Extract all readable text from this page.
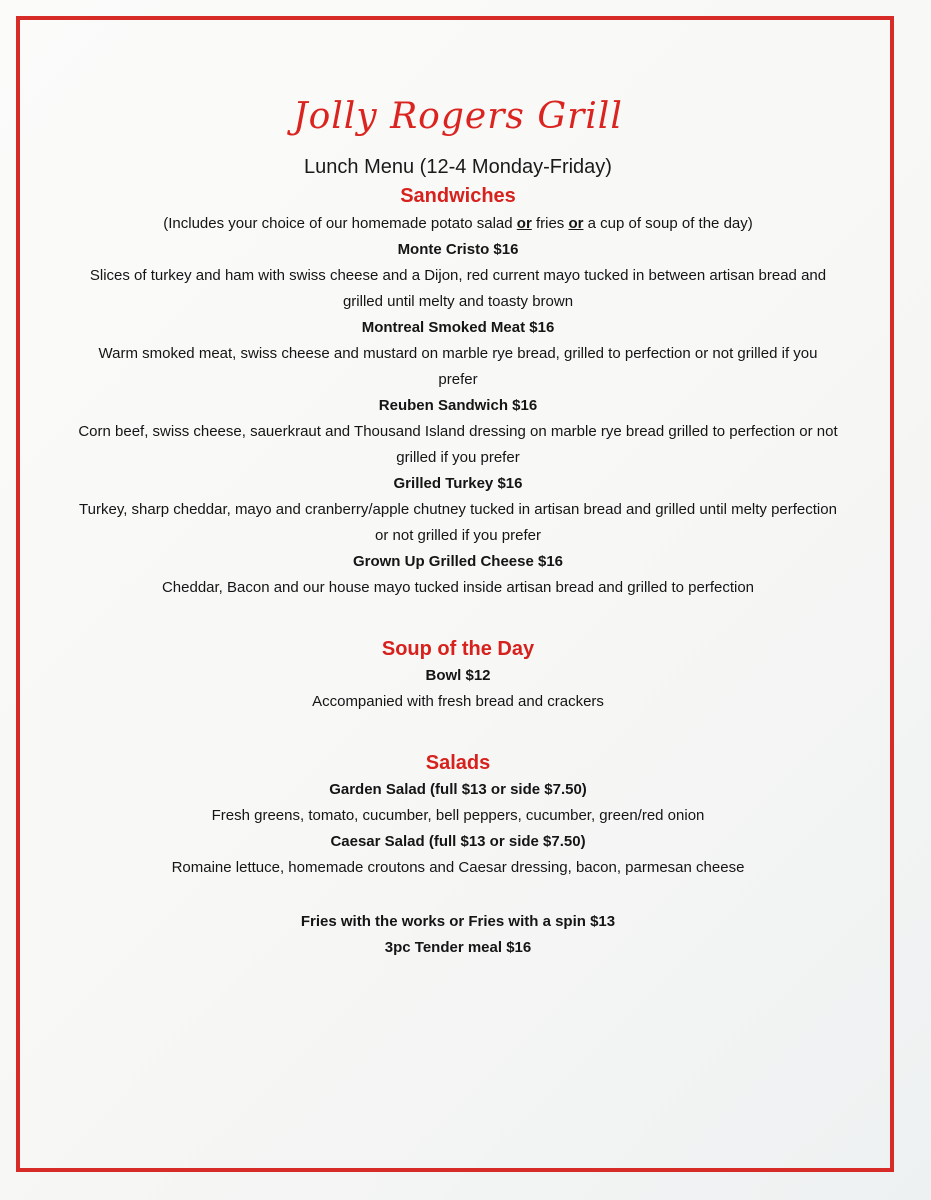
Jolly Rogers Grill

Lunch Menu (12-4 Monday-Friday)

Sandwiches

(Includes your choice of our homemade potato salad or fries or a cup of soup of the day)

Monte Cristo $16

Slices of turkey and ham with swiss cheese and a Dijon, red current mayo tucked in between artisan bread and grilled until melty and toasty brown

Montreal Smoked Meat $16

Warm smoked meat, swiss cheese and mustard on marble rye bread, grilled to perfection or not grilled if you prefer

Reuben Sandwich $16

Corn beef, swiss cheese, sauerkraut and Thousand Island dressing on marble rye bread grilled to perfection or not grilled if you prefer

Grilled Turkey $16

Turkey, sharp cheddar, mayo and cranberry/apple chutney tucked in artisan bread and grilled until melty perfection or not grilled if you prefer

Grown Up Grilled Cheese $16

Cheddar, Bacon and our house mayo tucked inside artisan bread and grilled to perfection

Soup of the Day

Bowl $12

Accompanied with fresh bread and crackers

Salads

Garden Salad (full $13 or side $7.50)

Fresh greens, tomato, cucumber, bell peppers, cucumber, green/red onion

Caesar Salad (full $13 or side $7.50)

Romaine lettuce, homemade croutons and Caesar dressing, bacon, parmesan cheese

Fries with the works or Fries with a spin $13

3pc Tender meal $16
